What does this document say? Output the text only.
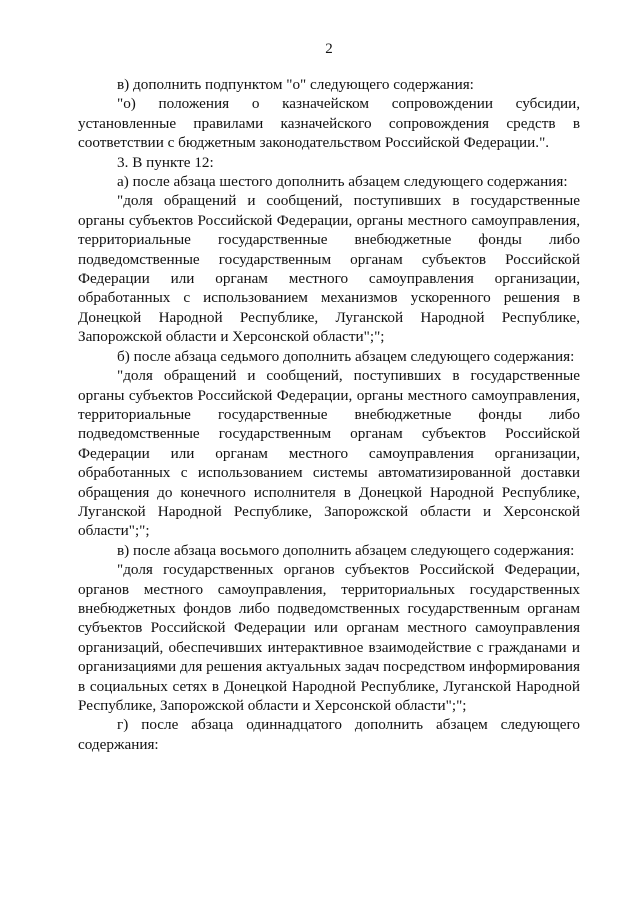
2

в) дополнить подпунктом "о" следующего содержания:

"о) положения о казначейском сопровождении субсидии, установленные правилами казначейского сопровождения средств в соответствии с бюджетным законодательством Российской Федерации.".

3. В пункте 12:

а) после абзаца шестого дополнить абзацем следующего содержания:

"доля обращений и сообщений, поступивших в государственные органы субъектов Российской Федерации, органы местного самоуправления, территориальные государственные внебюджетные фонды либо подведомственные государственным органам субъектов Российской Федерации или органам местного самоуправления организации, обработанных с использованием механизмов ускоренного решения в Донецкой Народной Республике, Луганской Народной Республике, Запорожской области и Херсонской области";";

б) после абзаца седьмого дополнить абзацем следующего содержания:

"доля обращений и сообщений, поступивших в государственные органы субъектов Российской Федерации, органы местного самоуправления, территориальные государственные внебюджетные фонды либо подведомственные государственным органам субъектов Российской Федерации или органам местного самоуправления организации, обработанных с использованием системы автоматизированной доставки обращения до конечного исполнителя в Донецкой Народной Республике, Луганской Народной Республике, Запорожской области и Херсонской области";";

в) после абзаца восьмого дополнить абзацем следующего содержания:

"доля государственных органов субъектов Российской Федерации, органов местного самоуправления, территориальных государственных внебюджетных фондов либо подведомственных государственным органам субъектов Российской Федерации или органам местного самоуправления организаций, обеспечивших интерактивное взаимодействие с гражданами и организациями для решения актуальных задач посредством информирования в социальных сетях в Донецкой Народной Республике, Луганской Народной Республике, Запорожской области и Херсонской области";";

г) после абзаца одиннадцатого дополнить абзацем следующего содержания:
